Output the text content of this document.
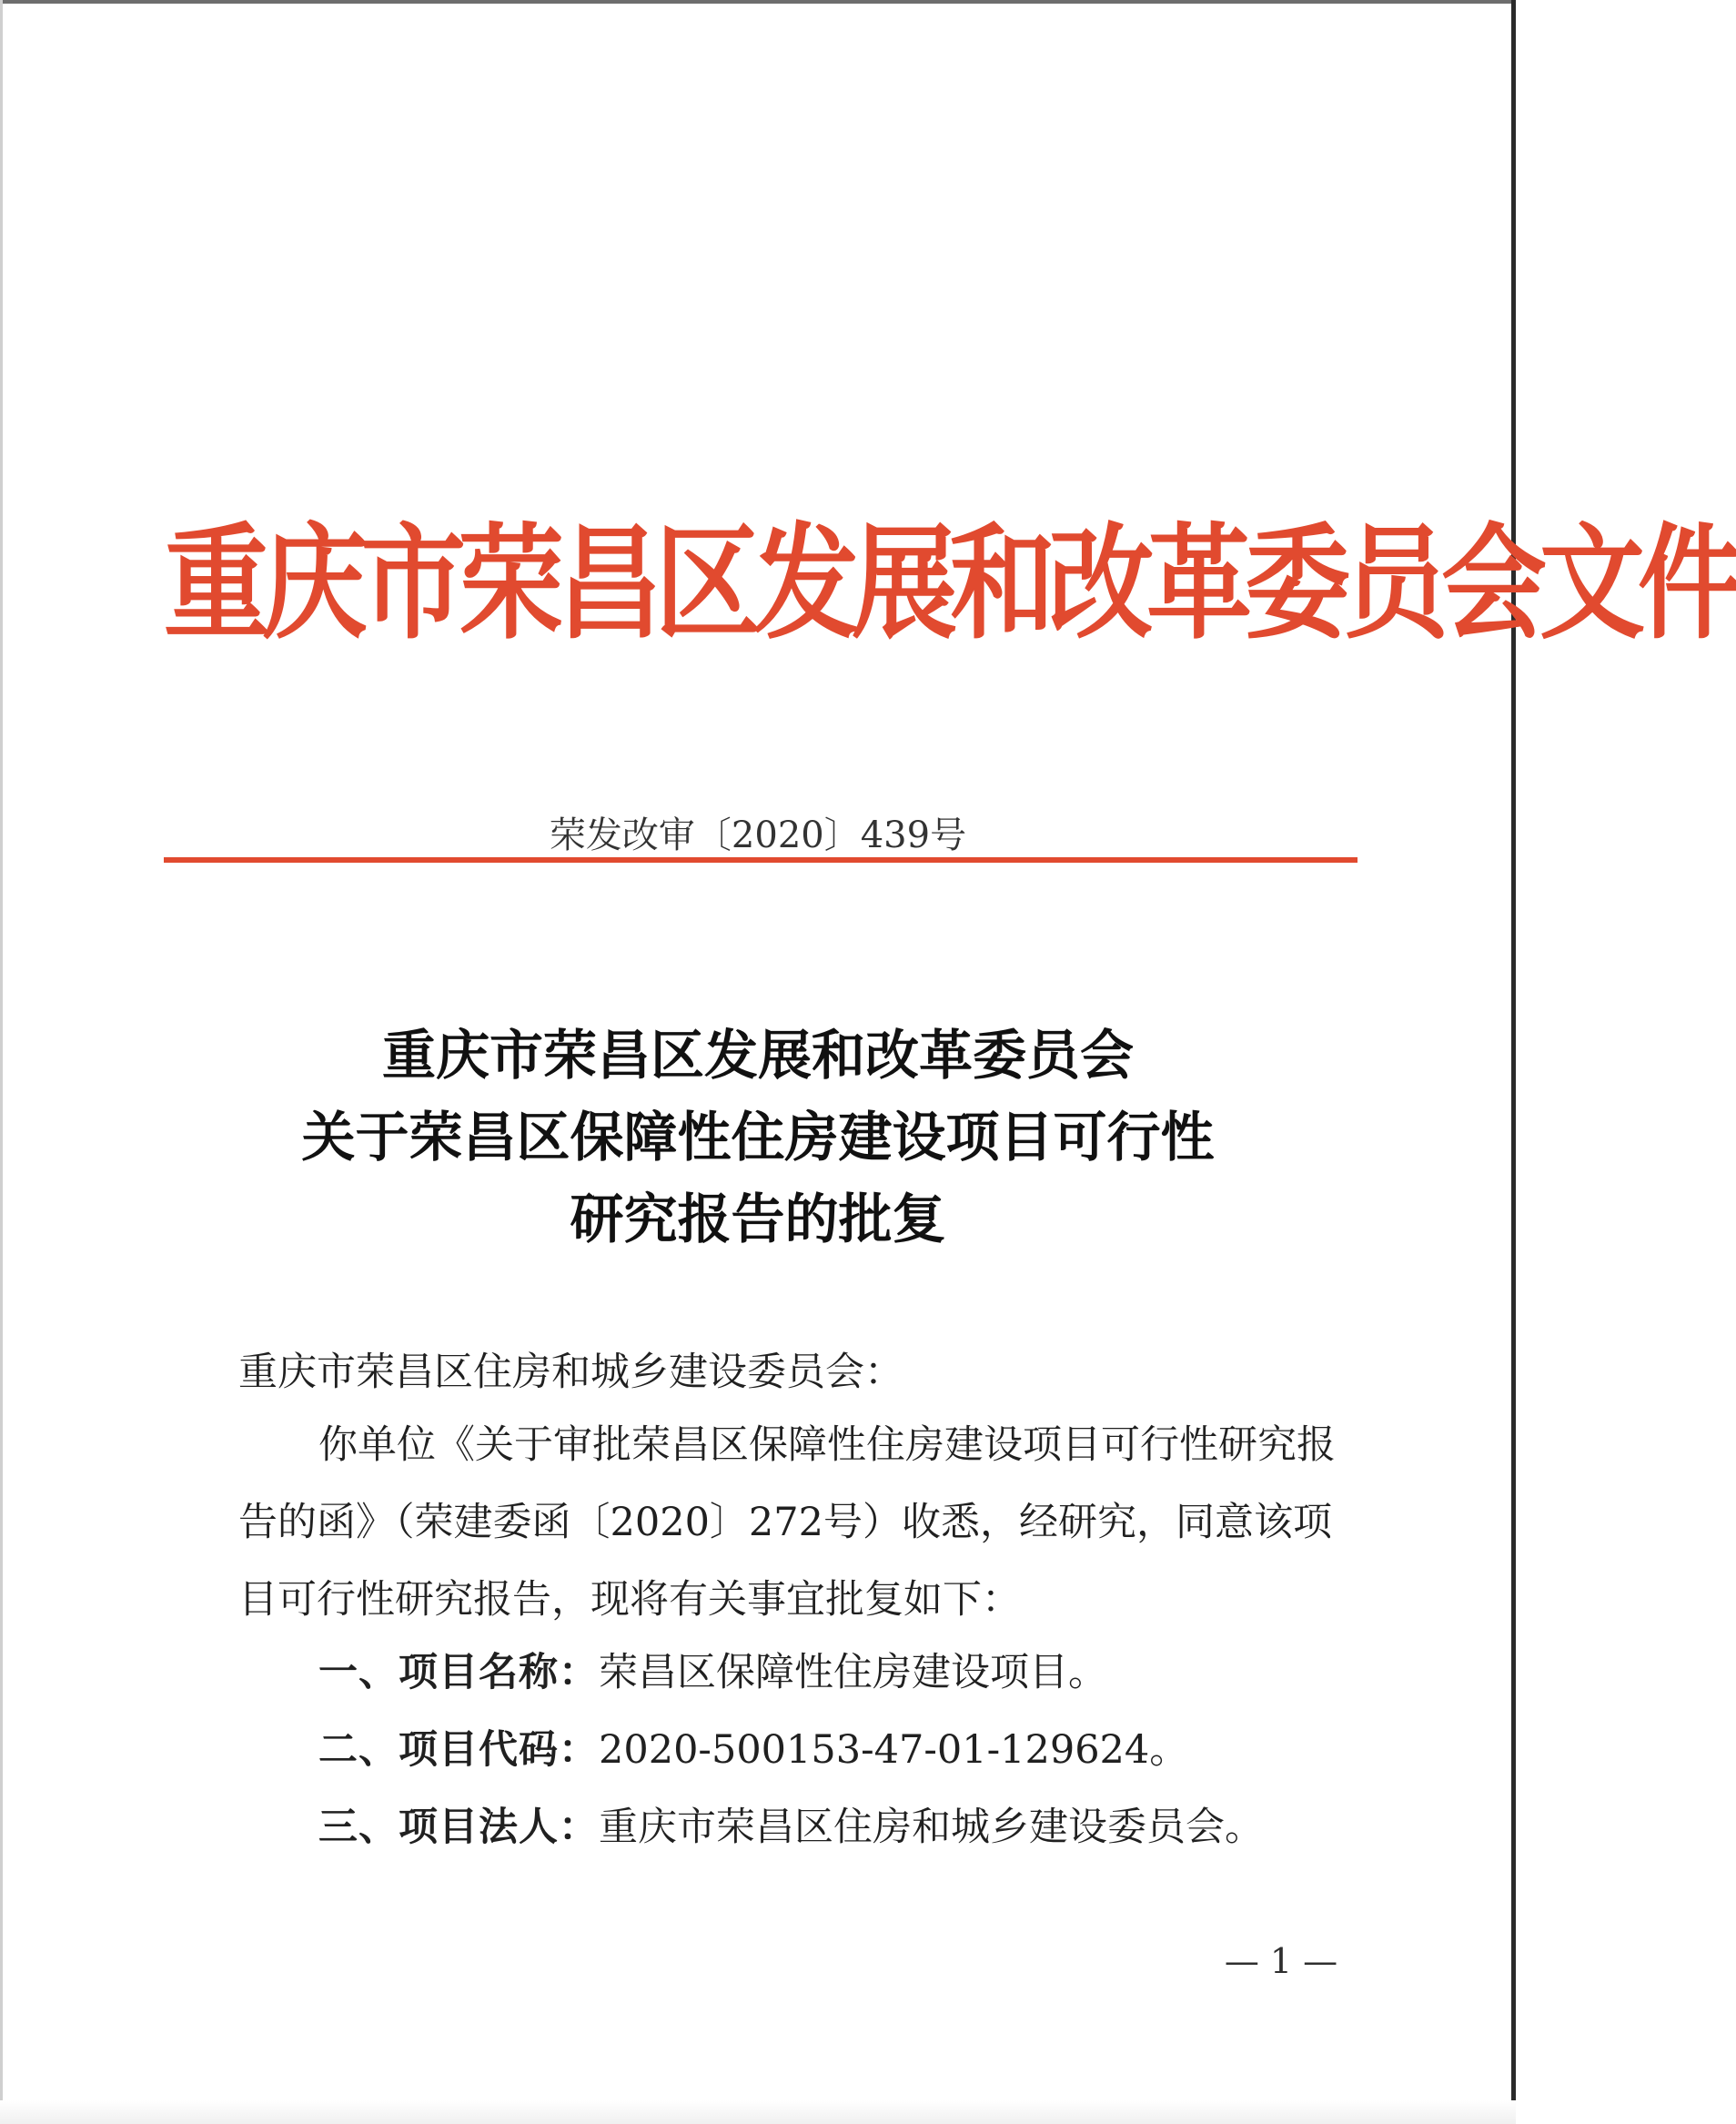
重庆市荣昌区发展和改革委员会文件
荣发改审〔2020〕439号
重庆市荣昌区发展和改革委员会
关于荣昌区保障性住房建设项目可行性
研究报告的批复
重庆市荣昌区住房和城乡建设委员会：
你单位《关于审批荣昌区保障性住房建设项目可行性研究报
告的函》（荣建委函〔2020〕272号）收悉，经研究，同意该项
目可行性研究报告，现将有关事宜批复如下：
一、项目名称：荣昌区保障性住房建设项目。
二、项目代码：2020-500153-47-01-129624。
三、项目法人：重庆市荣昌区住房和城乡建设委员会。
— 1 —
